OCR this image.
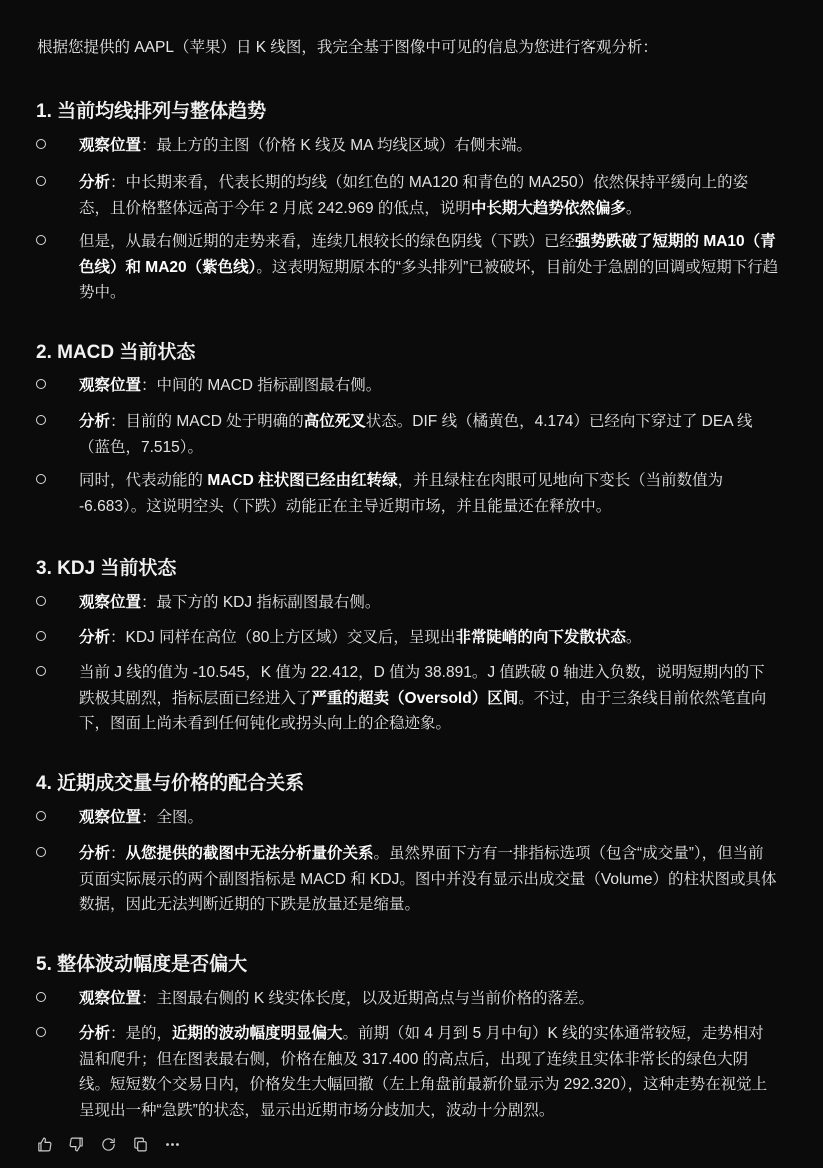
根据您提供的 AAPL（苹果）日 K 线图，我完全基于图像中可见的信息为您进行客观分析：
1. 当前均线排列与整体趋势
观察位置：最上方的主图（价格 K 线及 MA 均线区域）右侧末端。
分析：中长期来看，代表长期的均线（如红色的 MA120 和青色的 MA250）依然保持平缓向上的姿态，且价格整体远高于今年 2 月底 242.969 的低点，说明中长期大趋势依然偏多。
但是，从最右侧近期的走势来看，连续几根较长的绿色阴线（下跌）已经强势跌破了短期的 MA10（青色线）和 MA20（紫色线）。这表明短期原本的“多头排列”已被破坏，目前处于急剧的回调或短期下行趋势中。
2. MACD 当前状态
观察位置：中间的 MACD 指标副图最右侧。
分析：目前的 MACD 处于明确的高位死叉状态。DIF 线（橘黄色，4.174）已经向下穿过了 DEA 线（蓝色，7.515）。
同时，代表动能的 MACD 柱状图已经由红转绿，并且绿柱在肉眼可见地向下变长（当前数值为 -6.683）。这说明空头（下跌）动能正在主导近期市场，并且能量还在释放中。
3. KDJ 当前状态
观察位置：最下方的 KDJ 指标副图最右侧。
分析：KDJ 同样在高位（80上方区域）交叉后，呈现出非常陡峭的向下发散状态。
当前 J 线的值为 -10.545，K 值为 22.412，D 值为 38.891。J 值跌破 0 轴进入负数，说明短期内的下跌极其剧烈，指标层面已经进入了严重的超卖（Oversold）区间。不过，由于三条线目前依然笔直向下，图面上尚未看到任何钝化或拐头向上的企稳迹象。
4. 近期成交量与价格的配合关系
观察位置：全图。
分析：从您提供的截图中无法分析量价关系。虽然界面下方有一排指标选项（包含“成交量”），但当前页面实际展示的两个副图指标是 MACD 和 KDJ。图中并没有显示出成交量（Volume）的柱状图或具体数据，因此无法判断近期的下跌是放量还是缩量。
5. 整体波动幅度是否偏大
观察位置：主图最右侧的 K 线实体长度，以及近期高点与当前价格的落差。
分析：是的，近期的波动幅度明显偏大。前期（如 4 月到 5 月中旬）K 线的实体通常较短，走势相对温和爬升；但在图表最右侧，价格在触及 317.400 的高点后，出现了连续且实体非常长的绿色大阴线。短短数个交易日内，价格发生大幅回撤（左上角盘前最新价显示为 292.320），这种走势在视觉上呈现出一种“急跌”的状态，显示出近期市场分歧加大，波动十分剧烈。
